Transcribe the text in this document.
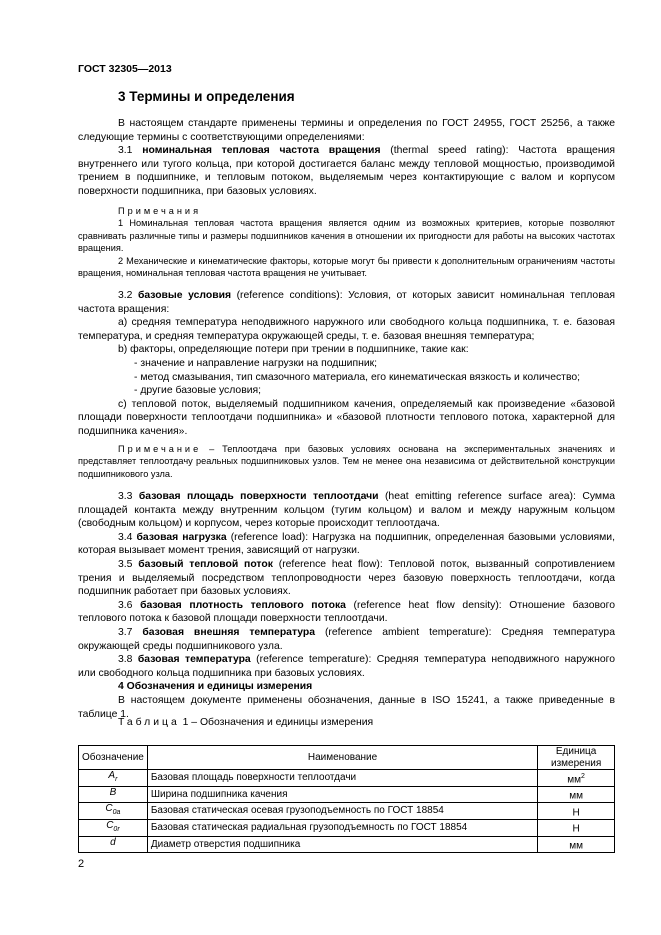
ГОСТ 32305—2013
3 Термины и определения

В настоящем стандарте применены термины и определения по ГОСТ 24955, ГОСТ 25256, а также следующие термины с соответствующими определениями:

3.1 номинальная тепловая частота вращения (thermal speed rating): Частота вращения внутреннего или тугого кольца, при которой достигается баланс между тепловой мощностью, производимой трением в подшипнике, и тепловым потоком, выделяемым через контактирующие с валом и корпусом поверхности подшипника, при базовых условиях.

Примечания

1 Номинальная тепловая частота вращения является одним из возможных критериев, которые позволяют сравнивать различные типы и размеры подшипников качения в отношении их пригодности для работы на высоких частотах вращения.

2 Механические и кинематические факторы, которые могут бы привести к дополнительным ограничениям частоты вращения, номинальная тепловая частота вращения не учитывает.

3.2 базовые условия (reference conditions): Условия, от которых зависит номинальная тепловая частота вращения:

а) средняя температура неподвижного наружного или свободного кольца подшипника, т. е. базовая температура, и средняя температура окружающей среды, т. е. базовая внешняя температура;

b) факторы, определяющие потери при трении в подшипнике, такие как:

- значение и направление нагрузки на подшипник;

- метод смазывания, тип смазочного материала, его кинематическая вязкость и количество;

- другие базовые условия;

с) тепловой поток, выделяемый подшипником качения, определяемый как произведение «базовой площади поверхности теплоотдачи подшипника» и «базовой плотности теплового потока, характерной для подшипника качения».

Примечание – Теплоотдача при базовых условиях основана на экспериментальных значениях и представляет теплоотдачу реальных подшипниковых узлов. Тем не менее она независима от действительной конструкции подшипникового узла.

3.3 базовая площадь поверхности теплоотдачи (heat emitting reference surface area): Сумма площадей контакта между внутренним кольцом (тугим кольцом) и валом и между наружным кольцом (свободным кольцом) и корпусом, через которые происходит теплоотдача.

3.4 базовая нагрузка (reference load): Нагрузка на подшипник, определенная базовыми условиями, которая вызывает момент трения, зависящий от нагрузки.

3.5 базовый тепловой поток (reference heat flow): Тепловой поток, вызванный сопротивлением трения и выделяемый посредством теплопроводности через базовую поверхность теплоотдачи, когда подшипник работает при базовых условиях.

3.6 базовая плотность теплового потока (reference heat flow density): Отношение базового теплового потока к базовой площади поверхности теплоотдачи.

3.7 базовая внешняя температура (reference ambient temperature): Средняя температура окружающей среды подшипникового узла.

3.8 базовая температура (reference temperature): Средняя температура неподвижного наружного или свободного кольца подшипника при базовых условиях.

4 Обозначения и единицы измерения

В настоящем документе применены обозначения, данные в ISO 15241, а также приведенные в таблице 1.

Таблица 1 – Обозначения и единицы измерения
Обозначение	Наименование	Единица измерения
$A_r$	Базовая площадь поверхности теплоотдачи	$мм^2$
B	Ширина подшипника качения	мм
$C_{0a}$	Базовая статическая осевая грузоподъемность по ГОСТ 18854	Н
$C_{0r}$	Базовая статическая радиальная грузоподъемность по ГОСТ 18854	Н
d	Диаметр отверстия подшипника	мм
2
